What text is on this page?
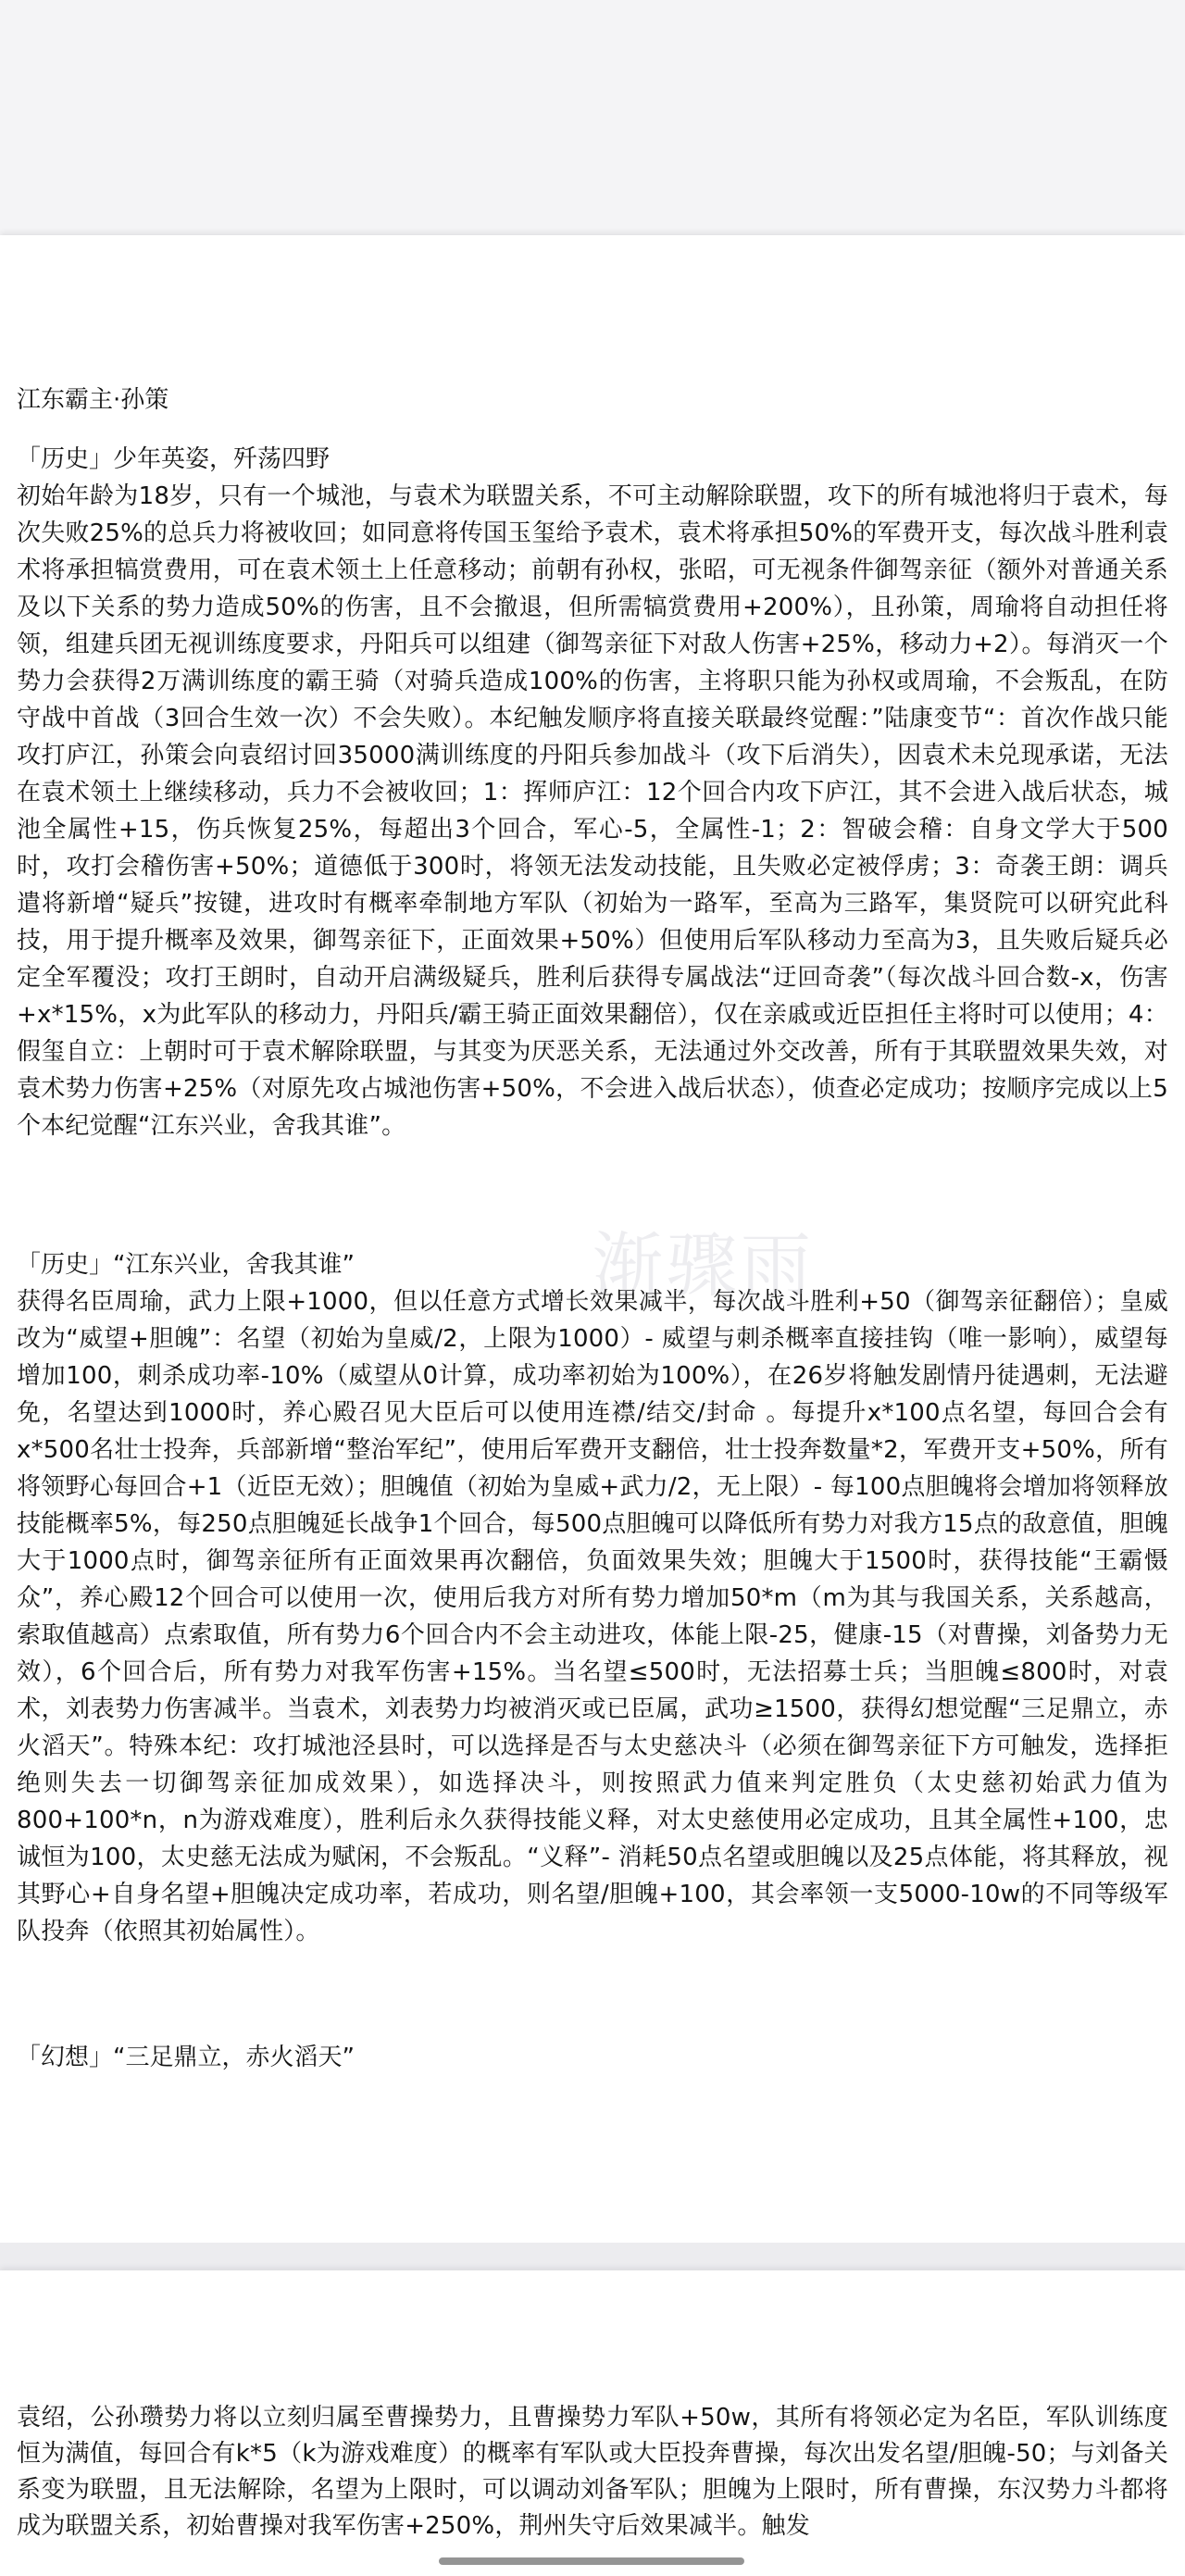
江东霸主·孙策
「历史」少年英姿，歼荡四野

初始年龄为18岁，只有一个城池，与袁术为联盟关系，不可主动解除联盟，攻下的所有城池将归于袁术，每次失败25%的总兵力将被收回；如同意将传国玉玺给予袁术，袁术将承担50%的军费开支，每次战斗胜利袁术将承担犒赏费用，可在袁术领土上任意移动；前朝有孙权，张昭，可无视条件御驾亲征（额外对普通关系及以下关系的势力造成50%的伤害，且不会撤退，但所需犒赏费用+200%），且孙策，周瑜将自动担任将领，组建兵团无视训练度要求，丹阳兵可以组建（御驾亲征下对敌人伤害+25%，移动力+2）。每消灭一个势力会获得2万满训练度的霸王骑（对骑兵造成100%的伤害，主将职只能为孙权或周瑜，不会叛乱，在防守战中首战（3回合生效一次）不会失败）。本纪触发顺序将直接关联最终觉醒：”陆康变节“：首次作战只能攻打庐江，孙策会向袁绍讨回35000满训练度的丹阳兵参加战斗（攻下后消失），因袁术未兑现承诺，无法在袁术领土上继续移动，兵力不会被收回；1：挥师庐江：12个回合内攻下庐江，其不会进入战后状态，城池全属性+15，伤兵恢复25%，每超出3个回合，军心-5，全属性-1；2：智破会稽：自身文学大于500时，攻打会稽伤害+50%；道德低于300时，将领无法发动技能，且失败必定被俘虏；3：奇袭王朗：调兵遣将新增“疑兵”按键，进攻时有概率牵制地方军队（初始为一路军，至高为三路军，集贤院可以研究此科技，用于提升概率及效果，御驾亲征下，正面效果+50%）但使用后军队移动力至高为3，且失败后疑兵必定全军覆没；攻打王朗时，自动开启满级疑兵，胜利后获得专属战法“迂回奇袭”（每次战斗回合数-x，伤害+x*15%，x为此军队的移动力，丹阳兵/霸王骑正面效果翻倍），仅在亲戚或近臣担任主将时可以使用；4：假玺自立：上朝时可于袁术解除联盟，与其变为厌恶关系，无法通过外交改善，所有于其联盟效果失效，对袁术势力伤害+25%（对原先攻占城池伤害+50%，不会进入战后状态），侦查必定成功；按顺序完成以上5个本纪觉醒“江东兴业，舍我其谁”。

「历史」“江东兴业，舍我其谁”

获得名臣周瑜，武力上限+1000，但以任意方式增长效果减半，每次战斗胜利+50（御驾亲征翻倍）；皇威改为“威望+胆魄”：名望（初始为皇威/2，上限为1000）- 威望与刺杀概率直接挂钩（唯一影响），威望每增加100，刺杀成功率-10%（威望从0计算，成功率初始为100%），在26岁将触发剧情丹徒遇刺，无法避免，名望达到1000时，养心殿召见大臣后可以使用连襟/结交/封命 。每提升x*100点名望，每回合会有x*500名壮士投奔，兵部新增“整治军纪”，使用后军费开支翻倍，壮士投奔数量*2，军费开支+50%，所有将领野心每回合+1（近臣无效）；胆魄值（初始为皇威+武力/2，无上限）- 每100点胆魄将会增加将领释放技能概率5%，每250点胆魄延长战争1个回合，每500点胆魄可以降低所有势力对我方15点的敌意值，胆魄大于1000点时，御驾亲征所有正面效果再次翻倍，负面效果失效；胆魄大于1500时，获得技能“王霸慑众”，养心殿12个回合可以使用一次，使用后我方对所有势力增加50*m（m为其与我国关系，关系越高，索取值越高）点索取值，所有势力6个回合内不会主动进攻，体能上限-25，健康-15（对曹操，刘备势力无效），6个回合后，所有势力对我军伤害+15%。当名望≤500时，无法招募士兵；当胆魄≤800时，对袁术，刘表势力伤害减半。当袁术，刘表势力均被消灭或已臣属，武功≥1500，获得幻想觉醒“三足鼎立，赤火滔天”。特殊本纪：攻打城池泾县时，可以选择是否与太史慈决斗（必须在御驾亲征下方可触发，选择拒绝则失去一切御驾亲征加成效果），如选择决斗，则按照武力值来判定胜负（太史慈初始武力值为800+100*n，n为游戏难度），胜利后永久获得技能义释，对太史慈使用必定成功，且其全属性+100，忠诚恒为100，太史慈无法成为赋闲，不会叛乱。“义释”- 消耗50点名望或胆魄以及25点体能，将其释放，视其野心+自身名望+胆魄决定成功率，若成功，则名望/胆魄+100，其会率领一支5000-10w的不同等级军队投奔（依照其初始属性）。

「幻想」“三足鼎立，赤火滔天”
渐骤雨

袁绍，公孙瓒势力将以立刻归属至曹操势力，且曹操势力军队+50w，其所有将领必定为名臣，军队训练度恒为满值，每回合有k*5（k为游戏难度）的概率有军队或大臣投奔曹操，每次出发名望/胆魄-50；与刘备关系变为联盟，且无法解除，名望为上限时，可以调动刘备军队；胆魄为上限时，所有曹操，东汉势力斗都将成为联盟关系，初始曹操对我军伤害+250%，荆州失守后效果减半。触发
